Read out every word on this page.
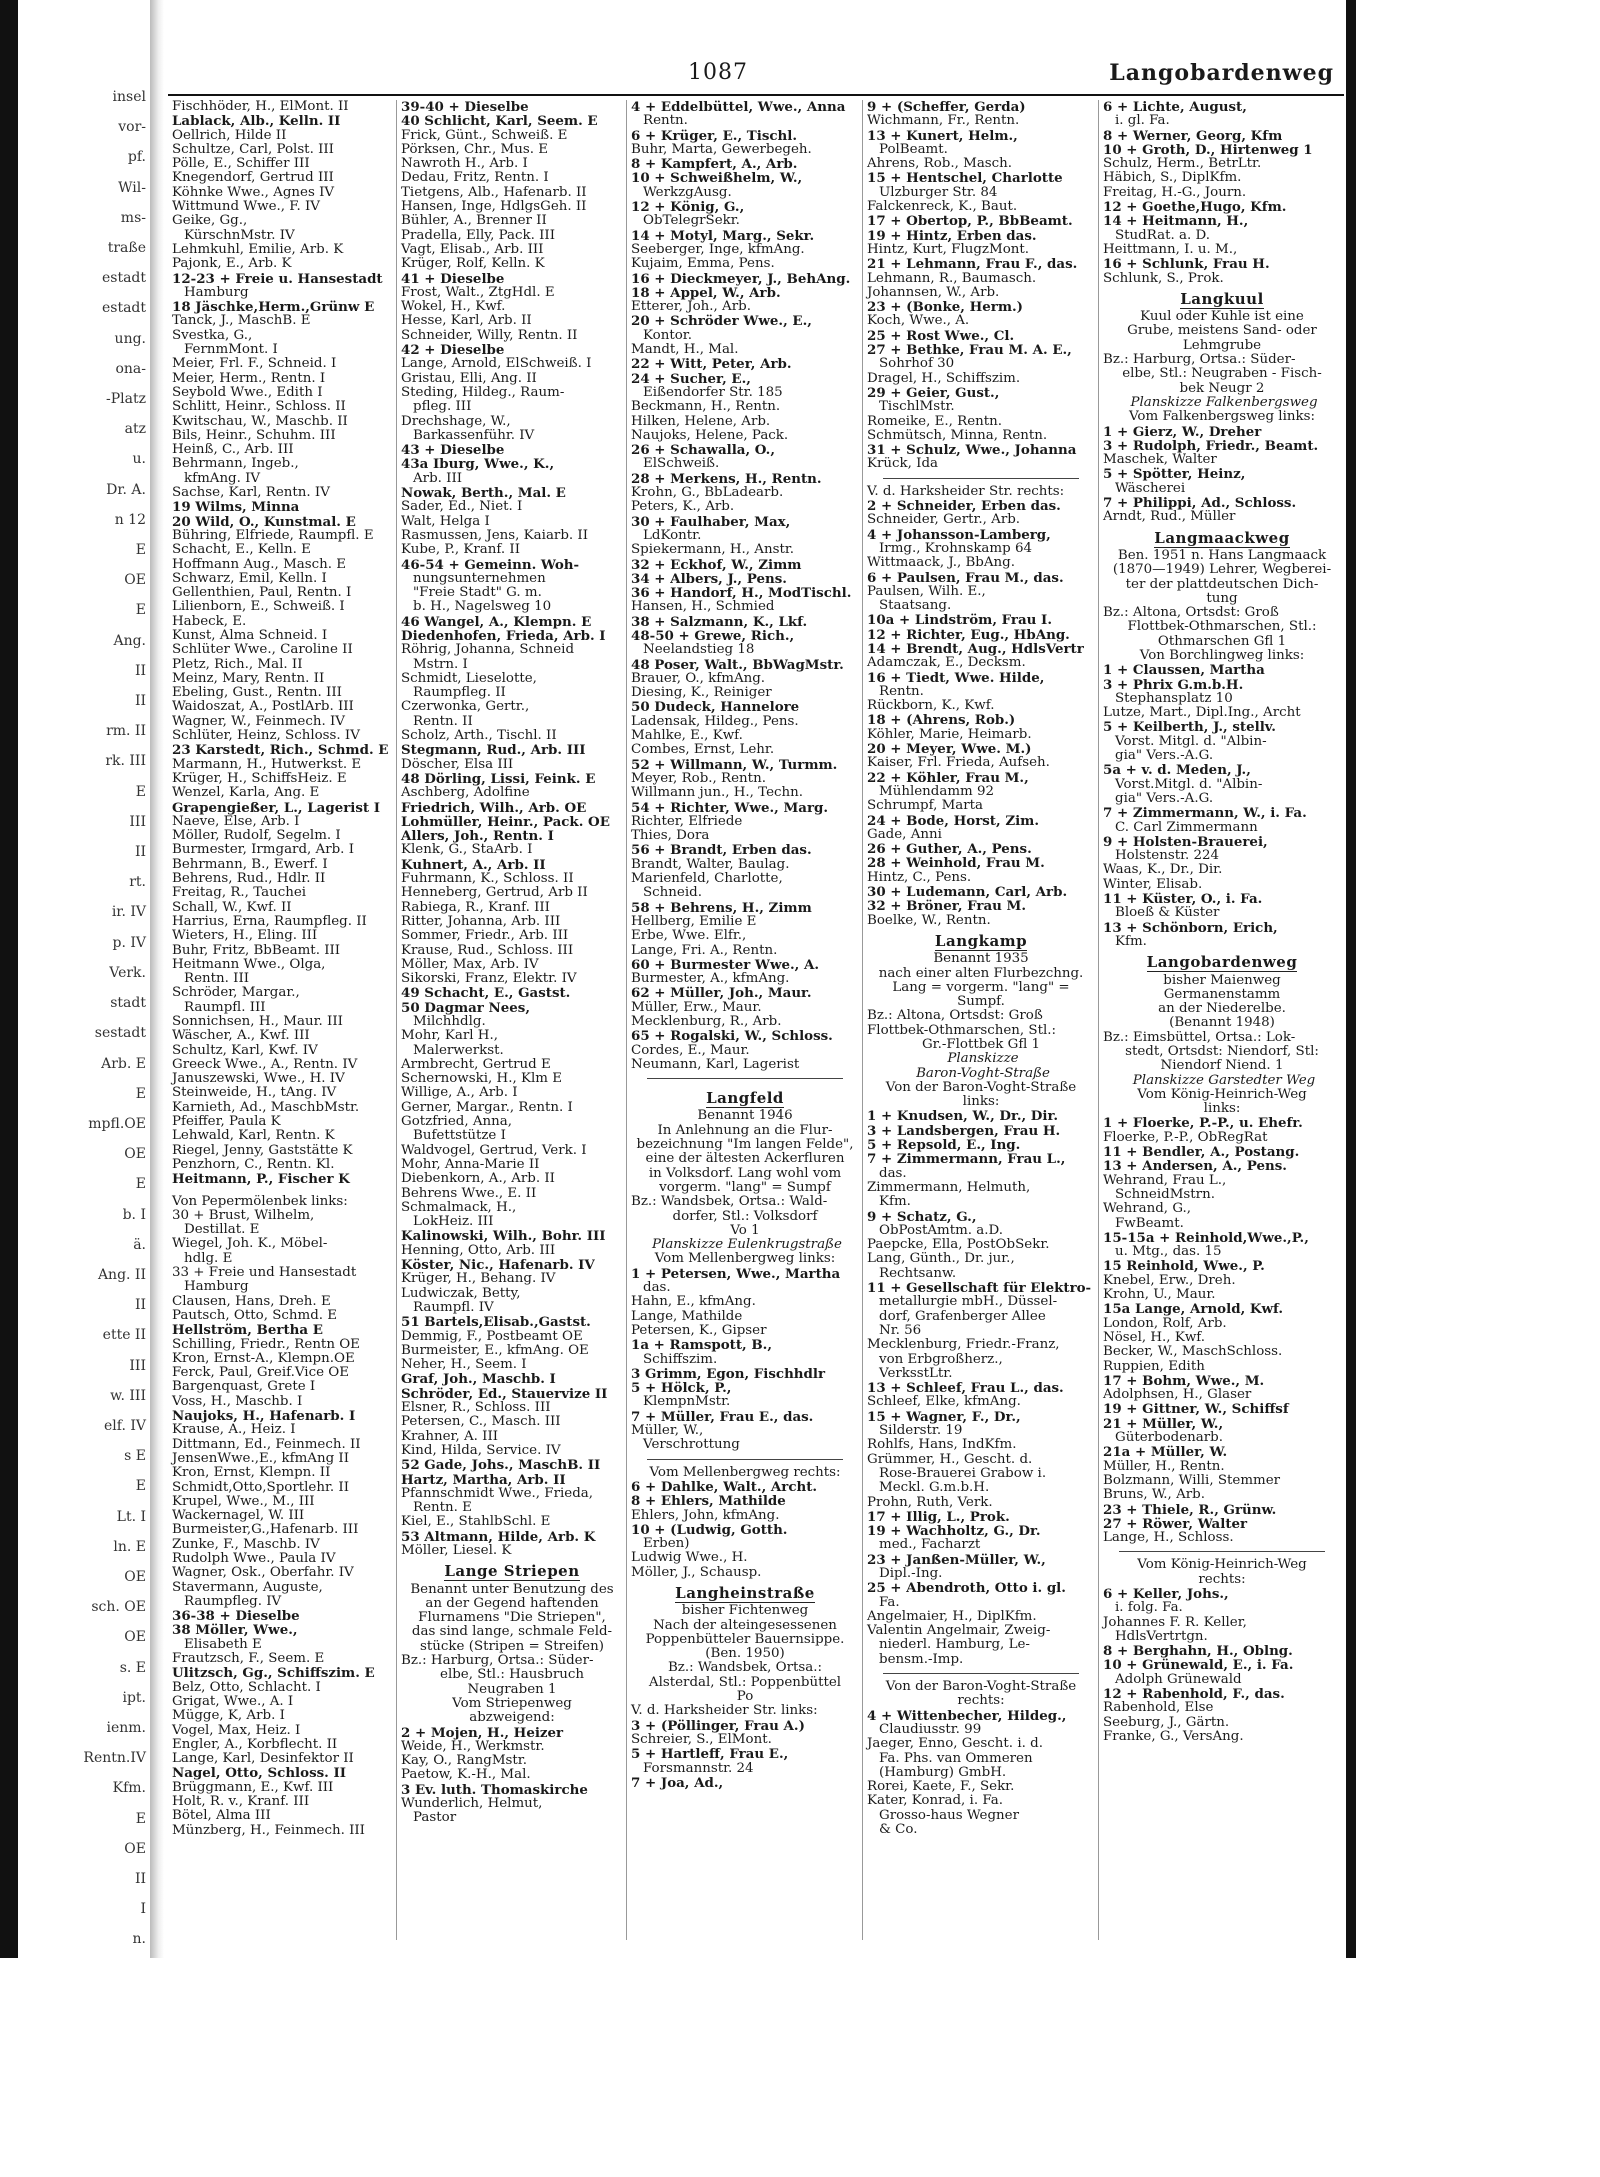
insel
vor-
pf.
Wil-
ms-
traße
estadt
estadt
ung.
ona-
-Platz
atz
u.
Dr. A.
n 12
E
OE
E
Ang.
II
II
rm. II
rk. III
E
III
II
rt.
ir. IV
p. IV
Verk.
stadt
sestadt
Arb. E
E
mpfl.OE
OE
E
b. I
ä.
Ang. II
II
ette II
III
w. III
elf. IV
s E
E
Lt. I
ln. E
OE
sch. OE
OE
s. E
ipt.
ienm.
Rentn.IV
Kfm.
E
OE
II
I
n.
1087	Langobardenweg
Fischhöder, H., ElMont. II
Lablack, Alb., Kelln. II
Oellrich, Hilde II
Schultze, Carl, Polst. III
Pölle, E., Schiffer III
Knegendorf, Gertrud III
Köhnke Wwe., Agnes IV
Wittmund Wwe., F. IV
Geike, Gg.,
KürschnMstr. IV
Lehmkuhl, Emilie, Arb. K
Pajonk, E., Arb. K
12-23 + Freie u. Hansestadt
Hamburg
18 Jäschke,Herm.,Grünw E
Tanck, J., MaschB. E
Svestka, G.,
FernmMont. I
Meier, Frl. F., Schneid. I
Meier, Herm., Rentn. I
Seybold Wwe., Edith I
Schlitt, Heinr., Schloss. II
Kwitschau, W., Maschb. II
Bils, Heinr., Schuhm. III
Heinß, C., Arb. III
Behrmann, Ingeb.,
kfmAng. IV
Sachse, Karl, Rentn. IV
19 Wilms, Minna
20 Wild, O., Kunstmal. E
Bühring, Elfriede, Raumpfl. E
Schacht, E., Kelln. E
Hoffmann Aug., Masch. E
Schwarz, Emil, Kelln. I
Gellenthien, Paul, Rentn. I
Lilienborn, E., Schweiß. I
Habeck, E.
Kunst, Alma Schneid. I
Schlüter Wwe., Caroline II
Pletz, Rich., Mal. II
Meinz, Mary, Rentn. II
Ebeling, Gust., Rentn. III
Waidoszat, A., PostlArb. III
Wagner, W., Feinmech. IV
Schlüter, Heinz, Schloss. IV
23 Karstedt, Rich., Schmd. E
Marmann, H., Hutwerkst. E
Krüger, H., SchiffsHeiz. E
Wenzel, Karla, Ang. E
Grapengießer, L., Lagerist I
Naeve, Else, Arb. I
Möller, Rudolf, Segelm. I
Burmester, Irmgard, Arb. I
Behrmann, B., Ewerf. I
Behrens, Rud., Hdlr. II
Freitag, R., Tauchei
Schall, W., Kwf. II
Harrius, Erna, Raumpfleg. II
Wieters, H., Eling. III
Buhr, Fritz, BbBeamt. III
Heitmann Wwe., Olga,
Rentn. III
Schröder, Margar.,
Raumpfl. III
Sonnichsen, H., Maur. III
Wäscher, A., Kwf. III
Schultz, Karl, Kwf. IV
Greeck Wwe., A., Rentn. IV
Januszewski, Wwe., H. IV
Steinweide, H., tAng. IV
Karnieth, Ad., MaschbMstr.
Pfeiffer, Paula K
Lehwald, Karl, Rentn. K
Riegel, Jenny, Gaststätte K
Penzhorn, C., Rentn. Kl.
Heitmann, P., Fischer K
Von Pepermölenbek links:
30 + Brust, Wilhelm,
Destillat. E
Wiegel, Joh. K., Möbel-
hdlg. E
33 + Freie und Hansestadt
Hamburg
Clausen, Hans, Dreh. E
Pautsch, Otto, Schmd. E
Hellström, Bertha E
Schilling, Friedr., Rentn OE
Kron, Ernst-A., Klempn.OE
Ferck, Paul, Greif.Vice OE
Bargenquast, Grete I
Voss, H., Maschb. I
Naujoks, H., Hafenarb. I
Krause, A., Heiz. I
Dittmann, Ed., Feinmech. II
JensenWwe.,E., kfmAng II
Kron, Ernst, Klempn. II
Schmidt,Otto,Sportlehr. II
Krupel, Wwe., M., III
Wackernagel, W. III
Burmeister,G.,Hafenarb. III
Zunke, F., Maschb. IV
Rudolph Wwe., Paula IV
Wagner, Osk., Oberfahr. IV
Stavermann, Auguste,
Raumpfleg. IV
36-38 + Dieselbe
38 Möller, Wwe.,
Elisabeth E
Frautzsch, F., Seem. E
Ulitzsch, Gg., Schiffszim. E
Belz, Otto, Schlacht. I
Grigat, Wwe., A. I
Mügge, K, Arb. I
Vogel, Max, Heiz. I
Engler, A., Korbflecht. II
Lange, Karl, Desinfektor II
Nagel, Otto, Schloss. II
Brüggmann, E., Kwf. III
Holt, R. v., Kranf. III
Bötel, Alma III
Münzberg, H., Feinmech. III
39-40 + Dieselbe
40 Schlicht, Karl, Seem. E
Frick, Günt., Schweiß. E
Pörksen, Chr., Mus. E
Nawroth H., Arb. I
Dedau, Fritz, Rentn. I
Tietgens, Alb., Hafenarb. II
Hansen, Inge, HdlgsGeh. II
Bühler, A., Brenner II
Pradella, Elly, Pack. III
Vagt, Elisab., Arb. III
Krüger, Rolf, Kelln. K
41 + Dieselbe
Frost, Walt., ZtgHdl. E
Wokel, H., Kwf.
Hesse, Karl, Arb. II
Schneider, Willy, Rentn. II
42 + Dieselbe
Lange, Arnold, ElSchweiß. I
Gristau, Elli, Ang. II
Steding, Hildeg., Raum-
pfleg. III
Drechshage, W.,
Barkassenführ. IV
43 + Dieselbe
43a Iburg, Wwe., K.,
Arb. III
Nowak, Berth., Mal. E
Sader, Ed., Niet. I
Walt, Helga I
Rasmussen, Jens, Kaiarb. II
Kube, P., Kranf. II
46-54 + Gemeinn. Woh-
nungsunternehmen
"Freie Stadt" G. m.
b. H., Nagelsweg 10
46 Wangel, A., Klempn. E
Diedenhofen, Frieda, Arb. I
Röhrig, Johanna, Schneid
Mstrn. I
Schmidt, Lieselotte,
Raumpfleg. II
Czerwonka, Gertr.,
Rentn. II
Scholz, Arth., Tischl. II
Stegmann, Rud., Arb. III
Döscher, Elsa III
48 Dörling, Lissi, Feink. E
Aschberg, Adolfine
Friedrich, Wilh., Arb. OE
Lohmüller, Heinr., Pack. OE
Allers, Joh., Rentn. I
Klenk, G., StaArb. I
Kuhnert, A., Arb. II
Fuhrmann, K., Schloss. II
Henneberg, Gertrud, Arb II
Rabiega, R., Kranf. III
Ritter, Johanna, Arb. III
Sommer, Friedr., Arb. III
Krause, Rud., Schloss. III
Möller, Max, Arb. IV
Sikorski, Franz, Elektr. IV
49 Schacht, E., Gastst.
50 Dagmar Nees,
Milchhdlg.
Mohr, Karl H.,
Malerwerkst.
Armbrecht, Gertrud E
Schernowski, H., Klm E
Willige, A., Arb. I
Gerner, Margar., Rentn. I
Gotzfried, Anna,
Bufettstütze I
Waldvogel, Gertrud, Verk. I
Mohr, Anna-Marie II
Diebenkorn, A., Arb. II
Behrens Wwe., E. II
Schmalmack, H.,
LokHeiz. III
Kalinowski, Wilh., Bohr. III
Henning, Otto, Arb. III
Köster, Nic., Hafenarb. IV
Krüger, H., Behang. IV
Ludwiczak, Betty,
Raumpfl. IV
51 Bartels,Elisab.,Gastst.
Demmig, F., Postbeamt OE
Burmeister, E., kfmAng. OE
Neher, H., Seem. I
Graf, Joh., Maschb. I
Schröder, Ed., Stauervize II
Elsner, R., Schloss. III
Petersen, C., Masch. III
Krahner, A. III
Kind, Hilda, Service. IV
52 Gade, Johs., MaschB. II
Hartz, Martha, Arb. II
Pfannschmidt Wwe., Frieda,
Rentn. E
Kiel, E., StahlbSchl. E
53 Altmann, Hilde, Arb. K
Möller, Liesel. K
Lange Striepen
Benannt unter Benutzung des
an der Gegend haftenden
Flurnamens "Die Striepen",
das sind lange, schmale Feld-
stücke (Stripen = Streifen)
Bz.: Harburg, Ortsa.: Süder-
elbe, Stl.: Hausbruch
Neugraben 1
Vom Striepenweg
abzweigend:
2 + Mojen, H., Heizer
Weide, H., Werkmstr.
Kay, O., RangMstr.
Paetow, K.-H., Mal.
3 Ev. luth. Thomaskirche
Wunderlich, Helmut,
Pastor
4 + Eddelbüttel, Wwe., Anna
Rentn.
6 + Krüger, E., Tischl.
Buhr, Marta, Gewerbegeh.
8 + Kampfert, A., Arb.
10 + Schweißhelm, W.,
WerkzgAusg.
12 + König, G.,
ObTelegrSekr.
14 + Motyl, Marg., Sekr.
Seeberger, Inge, kfmAng.
Kujaim, Emma, Pens.
16 + Dieckmeyer, J., BehAng.
18 + Appel, W., Arb.
Etterer, Joh., Arb.
20 + Schröder Wwe., E.,
Kontor.
Mandt, H., Mal.
22 + Witt, Peter, Arb.
24 + Sucher, E.,
Eißendorfer Str. 185
Beckmann, H., Rentn.
Hilken, Helene, Arb.
Naujoks, Helene, Pack.
26 + Schawalla, O.,
ElSchweiß.
28 + Merkens, H., Rentn.
Krohn, G., BbLadearb.
Peters, K., Arb.
30 + Faulhaber, Max,
LdKontr.
Spiekermann, H., Anstr.
32 + Eckhof, W., Zimm
34 + Albers, J., Pens.
36 + Handorf, H., ModTischl.
Hansen, H., Schmied
38 + Salzmann, K., Lkf.
48-50 + Grewe, Rich.,
Neelandstieg 18
48 Poser, Walt., BbWagMstr.
Brauer, O., kfmAng.
Diesing, K., Reiniger
50 Dudeck, Hannelore
Ladensak, Hildeg., Pens.
Mahlke, E., Kwf.
Combes, Ernst, Lehr.
52 + Willmann, W., Turmm.
Meyer, Rob., Rentn.
Willmann jun., H., Techn.
54 + Richter, Wwe., Marg.
Richter, Elfriede
Thies, Dora
56 + Brandt, Erben das.
Brandt, Walter, Baulag.
Marienfeld, Charlotte,
Schneid.
58 + Behrens, H., Zimm
Hellberg, Emilie E
Erbe, Wwe. Elfr.,
Lange, Fri. A., Rentn.
60 + Burmester Wwe., A.
Burmester, A., kfmAng.
62 + Müller, Joh., Maur.
Müller, Erw., Maur.
Mecklenburg, R., Arb.
65 + Rogalski, W., Schloss.
Cordes, E., Maur.
Neumann, Karl, Lagerist
Langfeld
Benannt 1946
In Anlehnung an die Flur-
bezeichnung "Im langen Felde",
eine der ältesten Ackerfluren
in Volksdorf. Lang wohl vom
vorgerm. "lang" = Sumpf
Bz.: Wandsbek, Ortsa.: Wald-
dorfer, Stl.: Volksdorf
Vo 1
Planskizze Eulenkrugstraße
Vom Mellenbergweg links:
1 + Petersen, Wwe., Martha
das.
Hahn, E., kfmAng.
Lange, Mathilde
Petersen, K., Gipser
1a + Ramspott, B.,
Schiffszim.
3 Grimm, Egon, Fischhdlr
5 + Hölck, P.,
KlempnMstr.
7 + Müller, Frau E., das.
Müller, W.,
Verschrottung
Vom Mellenbergweg rechts:
6 + Dahlke, Walt., Archt.
8 + Ehlers, Mathilde
Ehlers, John, kfmAng.
10 + (Ludwig, Gotth.
Erben)
Ludwig Wwe., H.
Möller, J., Schausp.
Langheinstraße
bisher Fichtenweg
Nach der alteingesessenen
Poppenbütteler Bauernsippe.
(Ben. 1950)
Bz.: Wandsbek, Ortsa.:
Alsterdal, Stl.: Poppenbüttel
Po
V. d. Harksheider Str. links:
3 + (Pöllinger, Frau A.)
Schreier, S., ElMont.
5 + Hartleff, Frau E.,
Forsmannstr. 24
7 + Joa, Ad.,
9 + (Scheffer, Gerda)
Wichmann, Fr., Rentn.
13 + Kunert, Helm.,
PolBeamt.
Ahrens, Rob., Masch.
15 + Hentschel, Charlotte
Ulzburger Str. 84
Falckenreck, K., Baut.
17 + Obertop, P., BbBeamt.
19 + Hintz, Erben das.
Hintz, Kurt, FlugzMont.
21 + Lehmann, Frau F., das.
Lehmann, R., Baumasch.
Johannsen, W., Arb.
23 + (Bonke, Herm.)
Koch, Wwe., A.
25 + Rost Wwe., Cl.
27 + Bethke, Frau M. A. E.,
Sohrhof 30
Dragel, H., Schiffszim.
29 + Geier, Gust.,
TischlMstr.
Romeike, E., Rentn.
Schmütsch, Minna, Rentn.
31 + Schulz, Wwe., Johanna
Krück, Ida
V. d. Harksheider Str. rechts:
2 + Schneider, Erben das.
Schneider, Gertr., Arb.
4 + Johansson-Lamberg,
Irmg., Krohnskamp 64
Wittmaack, J., BbAng.
6 + Paulsen, Frau M., das.
Paulsen, Wilh. E.,
Staatsang.
10a + Lindström, Frau I.
12 + Richter, Eug., HbAng.
14 + Brendt, Aug., HdlsVertr
Adamczak, E., Decksm.
16 + Tiedt, Wwe. Hilde,
Rentn.
Rückborn, K., Kwf.
18 + (Ahrens, Rob.)
Köhler, Marie, Heimarb.
20 + Meyer, Wwe. M.)
Kaiser, Frl. Frieda, Aufseh.
22 + Köhler, Frau M.,
Mühlendamm 92
Schrumpf, Marta
24 + Bode, Horst, Zim.
Gade, Anni
26 + Guther, A., Pens.
28 + Weinhold, Frau M.
Hintz, C., Pens.
30 + Ludemann, Carl, Arb.
32 + Bröner, Frau M.
Boelke, W., Rentn.
Langkamp
Benannt 1935
nach einer alten Flurbezchng.
Lang = vorgerm. "lang" =
Sumpf.
Bz.: Altona, Ortsdst: Groß
Flottbek-Othmarschen, Stl.:
Gr.-Flottbek Gfl 1
Planskizze
Baron-Voght-Straße
Von der Baron-Voght-Straße
links:
1 + Knudsen, W., Dr., Dir.
3 + Landsbergen, Frau H.
5 + Repsold, E., Ing.
7 + Zimmermann, Frau L.,
das.
Zimmermann, Helmuth,
Kfm.
9 + Schatz, G.,
ObPostAmtm. a.D.
Paepcke, Ella, PostObSekr.
Lang, Günth., Dr. jur.,
Rechtsanw.
11 + Gesellschaft für Elektro-
metallurgie mbH., Düssel-
dorf, Grafenberger Allee
Nr. 56
Mecklenburg, Friedr.-Franz,
von Erbgroßherz.,
VerksstLtr.
13 + Schleef, Frau L., das.
Schleef, Elke, kfmAng.
15 + Wagner, F., Dr.,
Silderstr. 19
Rohlfs, Hans, IndKfm.
Grümmer, H., Gescht. d.
Rose-Brauerei Grabow i.
Meckl. G.m.b.H.
Prohn, Ruth, Verk.
17 + Illig, L., Prok.
19 + Wachholtz, G., Dr.
med., Facharzt
23 + Janßen-Müller, W.,
Dipl.-Ing.
25 + Abendroth, Otto i. gl.
Fa.
Angelmaier, H., DiplKfm.
Valentin Angelmair, Zweig-
niederl. Hamburg, Le-
bensm.-Imp.
Von der Baron-Voght-Straße
rechts:
4 + Wittenbecher, Hildeg.,
Claudiusstr. 99
Jaeger, Enno, Gescht. i. d.
Fa. Phs. van Ommeren
(Hamburg) GmbH.
Rorei, Kaete, F., Sekr.
Kater, Konrad, i. Fa.
Grosso-haus Wegner
& Co.
6 + Lichte, August,
i. gl. Fa.
8 + Werner, Georg, Kfm
10 + Groth, D., Hirtenweg 1
Schulz, Herm., BetrLtr.
Häbich, S., DiplKfm.
Freitag, H.-G., Journ.
12 + Goethe,Hugo, Kfm.
14 + Heitmann, H.,
StudRat. a. D.
Heittmann, I. u. M.,
16 + Schlunk, Frau H.
Schlunk, S., Prok.
Langkuul
Kuul oder Kuhle ist eine
Grube, meistens Sand- oder
Lehmgrube
Bz.: Harburg, Ortsa.: Süder-
elbe, Stl.: Neugraben - Fisch-
bek Neugr 2
Planskizze Falkenbergsweg
Vom Falkenbergsweg links:
1 + Gierz, W., Dreher
3 + Rudolph, Friedr., Beamt.
Maschek, Walter
5 + Spötter, Heinz,
Wäscherei
7 + Philippi, Ad., Schloss.
Arndt, Rud., Müller
Langmaackweg
Ben. 1951 n. Hans Langmaack
(1870—1949) Lehrer, Wegberei-
ter der plattdeutschen Dich-
tung
Bz.: Altona, Ortsdst: Groß
Flottbek-Othmarschen, Stl.:
Othmarschen Gfl 1
Von Borchlingweg links:
1 + Claussen, Martha
3 + Phrix G.m.b.H.
Stephansplatz 10
Lutze, Mart., Dipl.Ing., Archt
5 + Keilberth, J., stellv.
Vorst. Mitgl. d. "Albin-
gia" Vers.-A.G.
5a + v. d. Meden, J.,
Vorst.Mitgl. d. "Albin-
gia" Vers.-A.G.
7 + Zimmermann, W., i. Fa.
C. Carl Zimmermann
9 + Holsten-Brauerei,
Holstenstr. 224
Waas, K., Dr., Dir.
Winter, Elisab.
11 + Küster, O., i. Fa.
Bloeß & Küster
13 + Schönborn, Erich,
Kfm.
Langobardenweg
bisher Maienweg
Germanenstamm
an der Niederelbe.
(Benannt 1948)
Bz.: Eimsbüttel, Ortsa.: Lok-
stedt, Ortsdst: Niendorf, Stl:
Niendorf Niend. 1
Planskizze Garstedter Weg
Vom König-Heinrich-Weg
links:
1 + Floerke, P.-P., u. Ehefr.
Floerke, P.-P., ObRegRat
11 + Bendler, A., Postang.
13 + Andersen, A., Pens.
Wehrand, Frau L.,
SchneidMstrn.
Wehrand, G.,
FwBeamt.
15-15a + Reinhold,Wwe.,P.,
u. Mtg., das. 15
15 Reinhold, Wwe., P.
Knebel, Erw., Dreh.
Krohn, U., Maur.
15a Lange, Arnold, Kwf.
London, Rolf, Arb.
Nösel, H., Kwf.
Becker, W., MaschSchloss.
Ruppien, Edith
17 + Bohm, Wwe., M.
Adolphsen, H., Glaser
19 + Gittner, W., Schiffsf
21 + Müller, W.,
Güterbodenarb.
21a + Müller, W.
Müller, H., Rentn.
Bolzmann, Willi, Stemmer
Bruns, W., Arb.
23 + Thiele, R., Grünw.
27 + Röwer, Walter
Lange, H., Schloss.
Vom König-Heinrich-Weg
rechts:
6 + Keller, Johs.,
i. folg. Fa.
Johannes F. R. Keller,
HdlsVertrtgn.
8 + Berghahn, H., Oblng.
10 + Grünewald, E., i. Fa.
Adolph Grünewald
12 + Rabenhold, F., das.
Rabenhold, Else
Seeburg, J., Gärtn.
Franke, G., VersAng.
